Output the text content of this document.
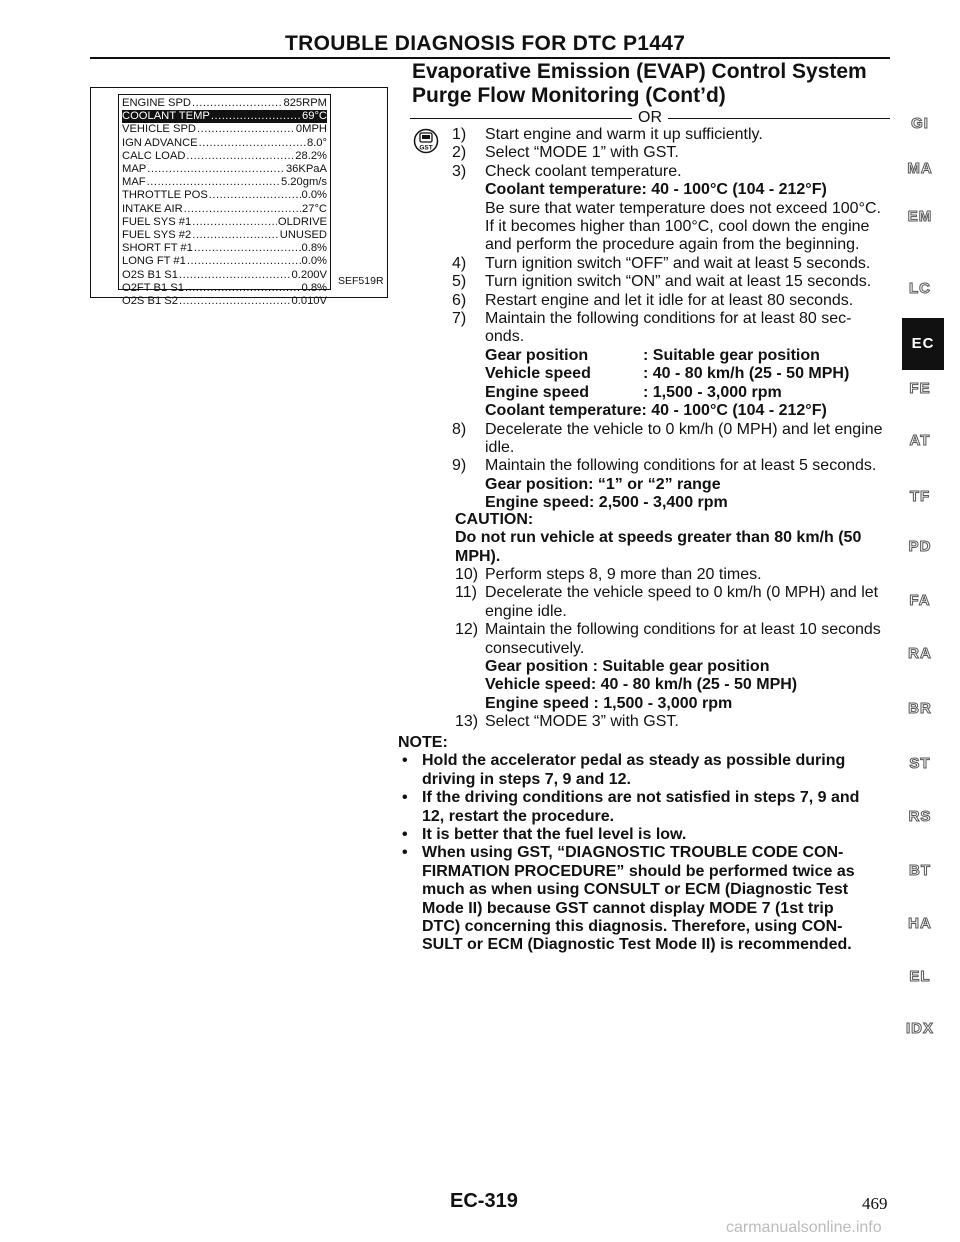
TROUBLE DIAGNOSIS FOR DTC P1447
Evaporative Emission (EVAP) Control System
Purge Flow Monitoring (Cont’d)
ENGINE SPD .....	825RPM
COOLANT TEMP .....	69°C
VEHICLE SPD .....	0MPH
IGN ADVANCE .....	8.0°
CALC LOAD .....	28.2%
MAP .....	36KPaA
MAF .....	5.20gm/s
THROTTLE POS .....	0.0%
INTAKE AIR .....	27°C
FUEL SYS #1 .....	OLDRIVE
FUEL SYS #2 .....	UNUSED
SHORT FT #1 .....	0.8%
LONG FT #1 .....	0.0%
O2S B1 S1 .....	0.200V
O2FT B1 S1 .....	0.8%
O2S B1 S2 .....	0.010V
SEF519R
OR
GST
1)	Start engine and warm it up sufficiently.
2)	Select “MODE 1” with GST.
3)	Check coolant temperature.
Coolant temperature: 40 - 100°C (104 - 212°F)
Be sure that water temperature does not exceed 100°C.
If it becomes higher than 100°C, cool down the engine
and perform the procedure again from the beginning.
4)	Turn ignition switch “OFF” and wait at least 5 seconds.
5)	Turn ignition switch “ON” and wait at least 15 seconds.
6)	Restart engine and let it idle for at least 80 seconds.
7)	Maintain the following conditions for at least 80 sec-
onds.
Gear position	: Suitable gear position
Vehicle speed	: 40 - 80 km/h (25 - 50 MPH)
Engine speed	: 1,500 - 3,000 rpm
Coolant temperature: 40 - 100°C (104 - 212°F)
8)	Decelerate the vehicle to 0 km/h (0 MPH) and let engine
idle.
9)	Maintain the following conditions for at least 5 seconds.
Gear position: “1” or “2” range
Engine speed: 2,500 - 3,400 rpm
CAUTION:
Do not run vehicle at speeds greater than 80 km/h (50
MPH).
10) Perform steps 8, 9 more than 20 times.
11) Decelerate the vehicle speed to 0 km/h (0 MPH) and let
engine idle.
12) Maintain the following conditions for at least 10 seconds
consecutively.
Gear position : Suitable gear position
Vehicle speed: 40 - 80 km/h (25 - 50 MPH)
Engine speed : 1,500 - 3,000 rpm
13) Select “MODE 3” with GST.
NOTE:
• Hold the accelerator pedal as steady as possible during
driving in steps 7, 9 and 12.
• If the driving conditions are not satisfied in steps 7, 9 and
12, restart the procedure.
• It is better that the fuel level is low.
• When using GST, “DIAGNOSTIC TROUBLE CODE CON-
FIRMATION PROCEDURE” should be performed twice as
much as when using CONSULT or ECM (Diagnostic Test
Mode II) because GST cannot display MODE 7 (1st trip
DTC) concerning this diagnosis. Therefore, using CON-
SULT or ECM (Diagnostic Test Mode II) is recommended.
GI
MA
EM
LC
EC
FE
AT
TF
PD
FA
RA
BR
ST
RS
BT
HA
EL
IDX
EC-319	469
carmanualsonline.info
